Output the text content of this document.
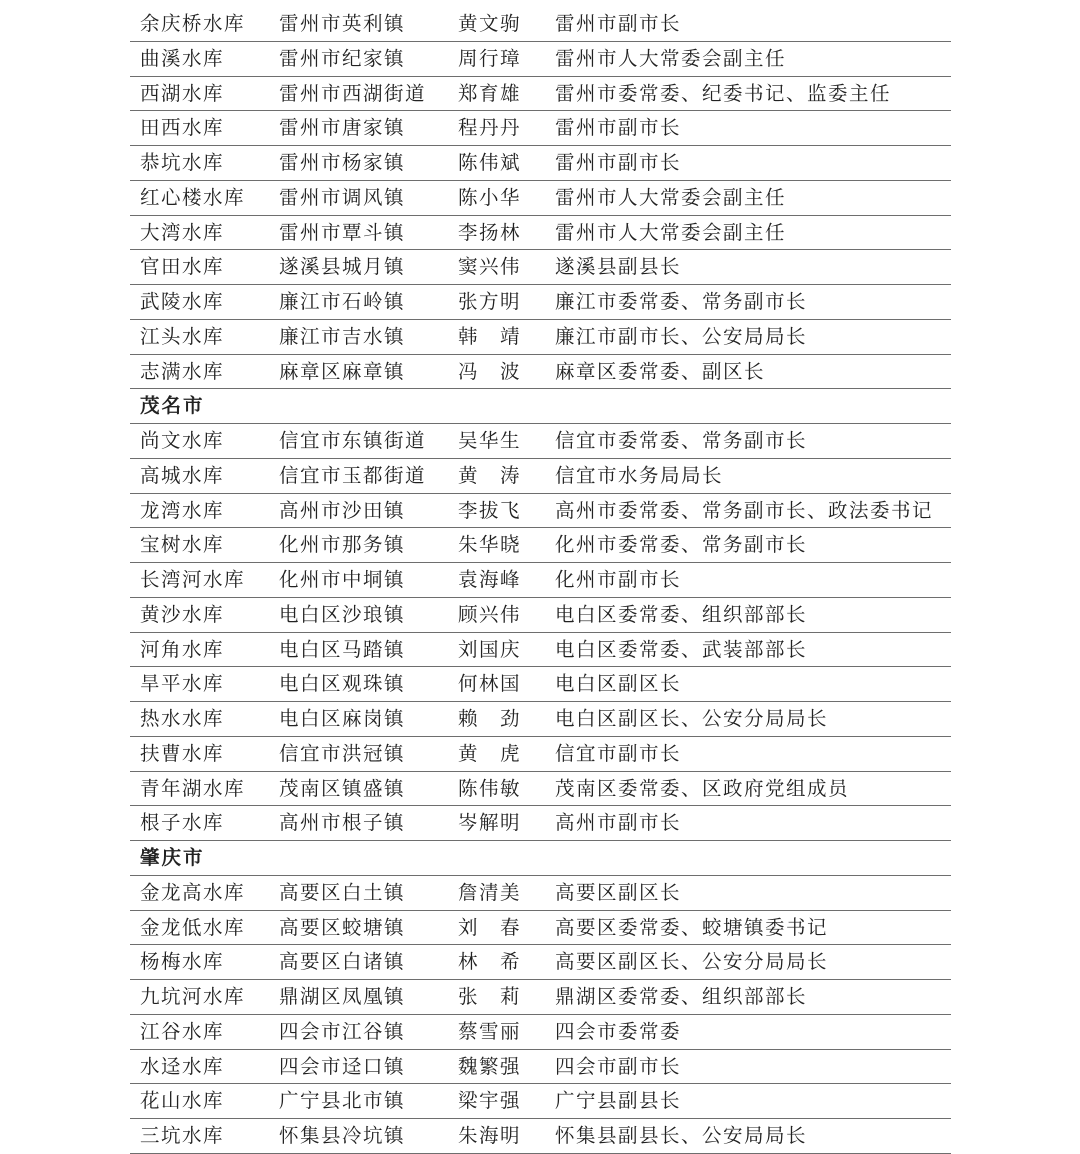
余庆桥水库 雷州市英利镇	黄文驹 雷州市副市长
曲溪水库	雷州市纪家镇	周行璋 雷州市人大常委会副主任
西湖水库	雷州市西湖街道 郑育雄 雷州市委常委、纪委书记、监委主任
田西水库	雷州市唐家镇	程丹丹 雷州市副市长
恭坑水库	雷州市杨家镇	陈伟斌 雷州市副市长
红心楼水库 雷州市调风镇	陈小华 雷州市人大常委会副主任
大湾水库	雷州市覃斗镇	李扬林 雷州市人大常委会副主任
官田水库	遂溪县城月镇	窦兴伟 遂溪县副县长
武陵水库	廉江市石岭镇	张方明 廉江市委常委、常务副市长
江头水库	廉江市吉水镇	韩　靖 廉江市副市长、公安局局长
志满水库	麻章区麻章镇	冯　波 麻章区委常委、副区长
茂名市
尚文水库	信宜市东镇街道 吴华生 信宜市委常委、常务副市长
高城水库	信宜市玉都街道 黄　涛 信宜市水务局局长
龙湾水库	高州市沙田镇	李拔飞 高州市委常委、常务副市长、政法委书记
宝树水库	化州市那务镇	朱华晓 化州市委常委、常务副市长
长湾河水库 化州市中垌镇	袁海峰 化州市副市长
黄沙水库	电白区沙琅镇	顾兴伟 电白区委常委、组织部部长
河角水库	电白区马踏镇	刘国庆 电白区委常委、武装部部长
旱平水库	电白区观珠镇	何林国 电白区副区长
热水水库	电白区麻岗镇	赖　劲 电白区副区长、公安分局局长
扶曹水库	信宜市洪冠镇	黄　虎 信宜市副市长
青年湖水库 茂南区镇盛镇	陈伟敏 茂南区委常委、区政府党组成员
根子水库	高州市根子镇	岑解明 高州市副市长
肇庆市
金龙高水库 高要区白土镇	詹清美 高要区副区长
金龙低水库 高要区蛟塘镇	刘　春 高要区委常委、蛟塘镇委书记
杨梅水库	高要区白诸镇	林　希 高要区副区长、公安分局局长
九坑河水库 鼎湖区凤凰镇	张　莉 鼎湖区委常委、组织部部长
江谷水库	四会市江谷镇	蔡雪丽 四会市委常委
水迳水库	四会市迳口镇	魏繁强 四会市副市长
花山水库	广宁县北市镇	梁宇强 广宁县副县长
三坑水库	怀集县冷坑镇	朱海明 怀集县副县长、公安局局长
